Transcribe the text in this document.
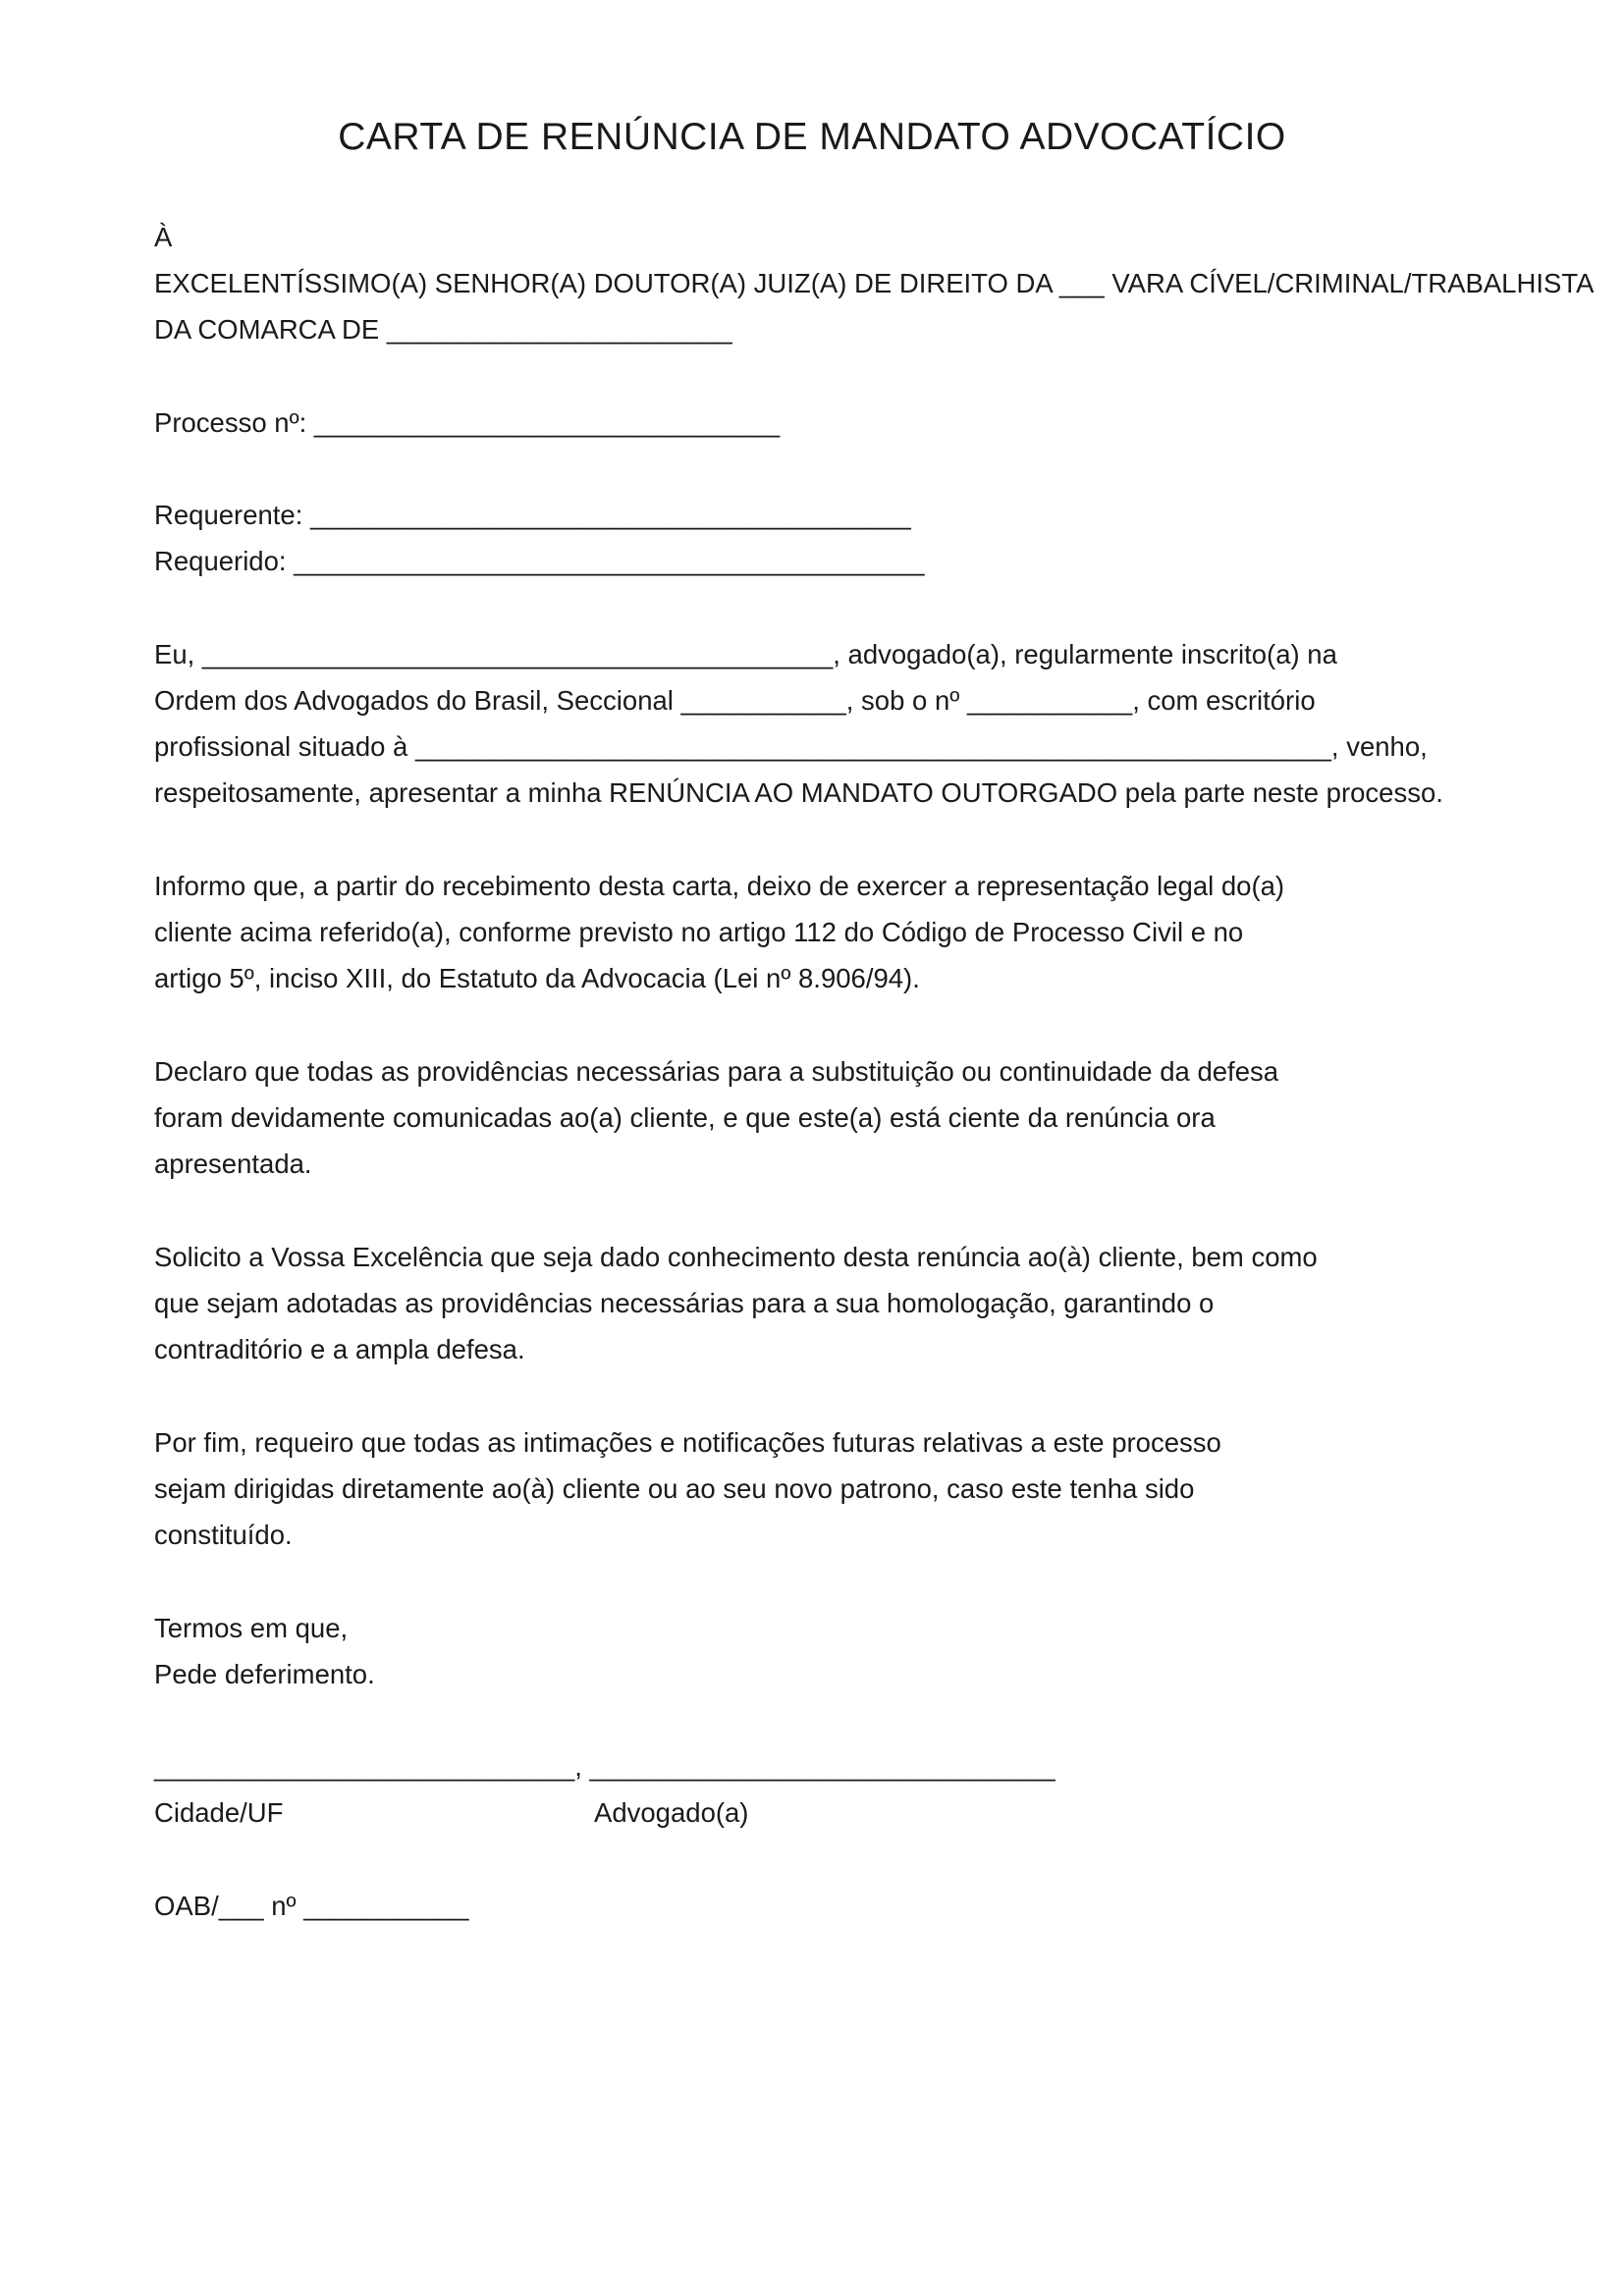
CARTA DE RENÚNCIA DE MANDATO ADVOCATÍCIO
À
EXCELENTÍSSIMO(A) SENHOR(A) DOUTOR(A) JUIZ(A) DE DIREITO DA ___ VARA CÍVEL/CRIMINAL/TRABALHISTA
DA COMARCA DE _______________________
Processo nº: _______________________________
Requerente: ________________________________________
Requerido: __________________________________________
Eu, __________________________________________, advogado(a), regularmente inscrito(a) na
Ordem dos Advogados do Brasil, Seccional ___________, sob o nº ___________, com escritório
profissional situado à _____________________________________________________________, venho,
respeitosamente, apresentar a minha RENÚNCIA AO MANDATO OUTORGADO pela parte neste processo.
Informo que, a partir do recebimento desta carta, deixo de exercer a representação legal do(a)
cliente acima referido(a), conforme previsto no artigo 112 do Código de Processo Civil e no
artigo 5º, inciso XIII, do Estatuto da Advocacia (Lei nº 8.906/94).
Declaro que todas as providências necessárias para a substituição ou continuidade da defesa
foram devidamente comunicadas ao(a) cliente, e que este(a) está ciente da renúncia ora
apresentada.
Solicito a Vossa Excelência que seja dado conhecimento desta renúncia ao(à) cliente, bem como
que sejam adotadas as providências necessárias para a sua homologação, garantindo o
contraditório e a ampla defesa.
Por fim, requeiro que todas as intimações e notificações futuras relativas a este processo
sejam dirigidas diretamente ao(à) cliente ou ao seu novo patrono, caso este tenha sido
constituído.
Termos em que,
Pede deferimento.
____________________________, _______________________________
Cidade/UF	Advogado(a)
OAB/___ nº ___________
